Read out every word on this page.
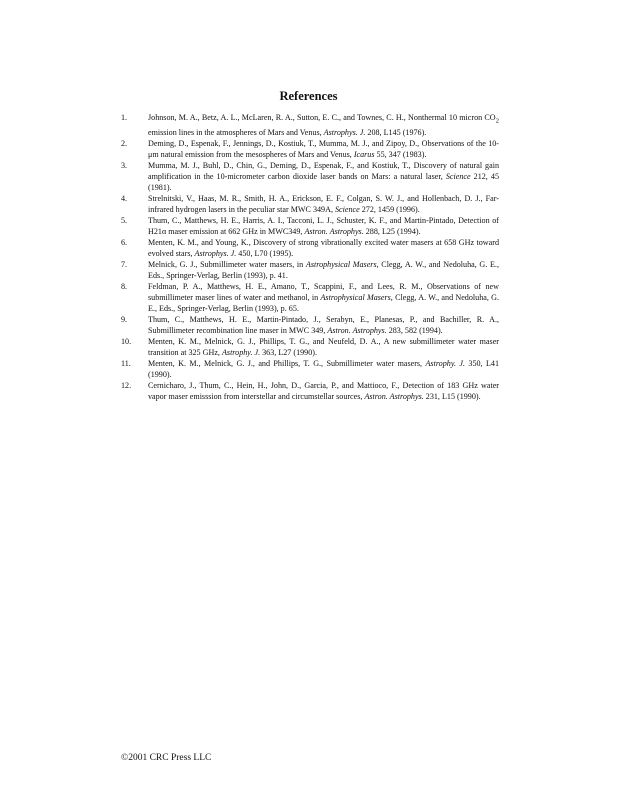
References
1.	Johnson, M. A., Betz, A. L., McLaren, R. A., Sutton, E. C., and Townes, C. H., Nonthermal 10 micron $CO_2$ emission lines in the atmospheres of Mars and Venus, Astrophys. J. 208, L145 (1976).
2.	Deming, D., Espenak, F., Jennings, D., Kostiuk, T., Mumma, M. J., and Zipoy, D., Observations of the 10-μm natural emission from the mesospheres of Mars and Venus, Icarus 55, 347 (1983).
3.	Mumma, M. J., Buhl, D., Chin, G., Deming, D., Espenak, F., and Kostiuk, T., Discovery of natural gain amplification in the 10-micrometer carbon dioxide laser bands on Mars: a natural laser, Science 212, 45 (1981).
4.	Strelnitski, V., Haas, M. R., Smith, H. A., Erickson, E. F., Colgan, S. W. J., and Hollenbach, D. J., Far-infrared hydrogen lasers in the peculiar star MWC 349A, Science 272, 1459 (1996).
5.	Thum, C., Matthews, H. E., Harris, A. I., Tacconi, L. J., Schuster, K. F., and Martin-Pintado, Detection of H21α maser emission at 662 GHz in MWC349, Astron. Astrophys. 288, L25 (1994).
6.	Menten, K. M., and Young, K., Discovery of strong vibrationally excited water masers at 658 GHz toward evolved stars, Astrophys. J. 450, L70 (1995).
7.	Melnick, G. J., Submillimeter water masers, in Astrophysical Masers, Clegg, A. W., and Nedoluha, G. E., Eds., Springer-Verlag, Berlin (1993), p. 41.
8.	Feldman, P. A., Matthews, H. E., Amano, T., Scappini, F., and Lees, R. M., Observations of new submillimeter maser lines of water and methanol, in Astrophysical Masers, Clegg, A. W., and Nedoluha, G. E., Eds., Springer-Verlag, Berlin (1993), p. 65.
9.	Thum, C., Matthews, H. E., Martin-Pintado, J., Serabyn, E., Planesas, P., and Bachiller, R. A., Submillimeter recombination line maser in MWC 349, Astron. Astrophys. 283, 582 (1994).
10.	Menten, K. M., Melnick, G. J., Phillips, T. G., and Neufeld, D. A., A new submillimeter water maser transition at 325 GHz, Astrophy. J. 363, L27 (1990).
11.	Menten, K. M., Melnick, G. J., and Phillips, T. G., Submillimeter water masers, Astrophy. J. 350, L41 (1990).
12.	Cernicharo, J., Thum, C., Hein, H., John, D., Garcia, P., and Mattioco, F., Detection of 183 GHz water vapor maser emisssion from interstellar and circumstellar sources, Astron. Astrophys. 231, L15 (1990).
©2001 CRC Press LLC
